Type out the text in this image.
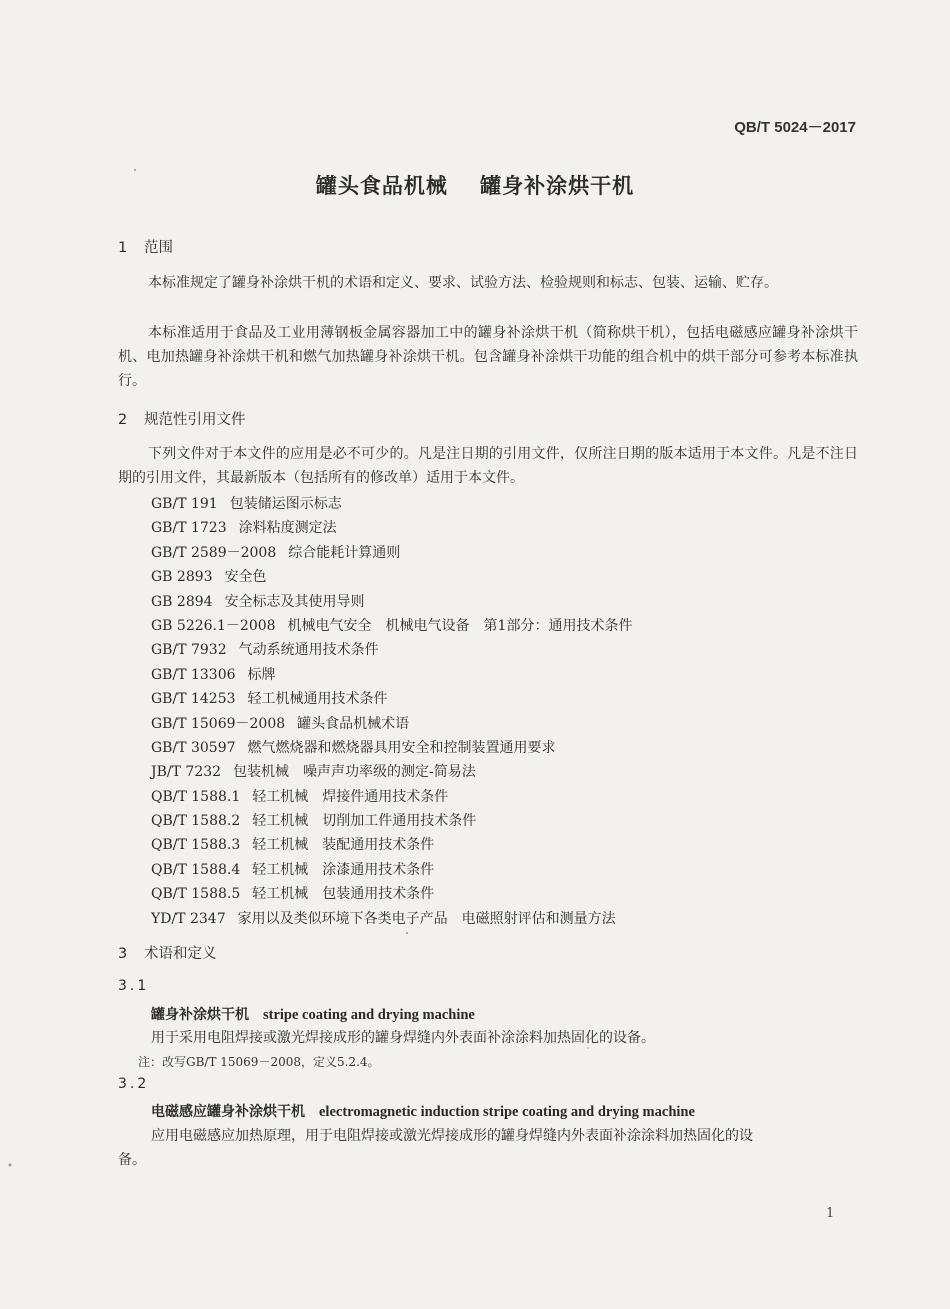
QB/T 5024－2017
罐头食品机械 罐身补涂烘干机
1 范围
本标准规定了罐身补涂烘干机的术语和定义、要求、试验方法、检验规则和标志、包装、运输、贮存。
本标准适用于食品及工业用薄钢板金属容器加工中的罐身补涂烘干机（简称烘干机），包括电磁感应罐身补涂烘干机、电加热罐身补涂烘干机和燃气加热罐身补涂烘干机。包含罐身补涂烘干功能的组合机中的烘干部分可参考本标准执行。
2 规范性引用文件
下列文件对于本文件的应用是必不可少的。凡是注日期的引用文件，仅所注日期的版本适用于本文件。凡是不注日期的引用文件，其最新版本（包括所有的修改单）适用于本文件。
GB/T 191 包装储运图示标志
GB/T 1723 涂料粘度测定法
GB/T 2589－2008 综合能耗计算通则
GB 2893 安全色
GB 2894 安全标志及其使用导则
GB 5226.1－2008 机械电气安全　机械电气设备　第1部分：通用技术条件
GB/T 7932 气动系统通用技术条件
GB/T 13306 标牌
GB/T 14253 轻工机械通用技术条件
GB/T 15069－2008 罐头食品机械术语
GB/T 30597 燃气燃烧器和燃烧器具用安全和控制装置通用要求
JB/T 7232 包装机械　噪声声功率级的测定-简易法
QB/T 1588.1 轻工机械　焊接件通用技术条件
QB/T 1588.2 轻工机械　切削加工件通用技术条件
QB/T 1588.3 轻工机械　装配通用技术条件
QB/T 1588.4 轻工机械　涂漆通用技术条件
QB/T 1588.5 轻工机械　包装通用技术条件
YD/T 2347 家用以及类似环境下各类电子产品　电磁照射评估和测量方法
3 术语和定义
3.1
罐身补涂烘干机 stripe coating and drying machine
用于采用电阻焊接或激光焊接成形的罐身焊缝内外表面补涂涂料加热固化的设备。
注：改写GB/T 15069－2008，定义5.2.4。
3.2
电磁感应罐身补涂烘干机 electromagnetic induction stripe coating and drying machine
应用电磁感应加热原理，用于电阻焊接或激光焊接成形的罐身焊缝内外表面补涂涂料加热固化的设
备。
1
